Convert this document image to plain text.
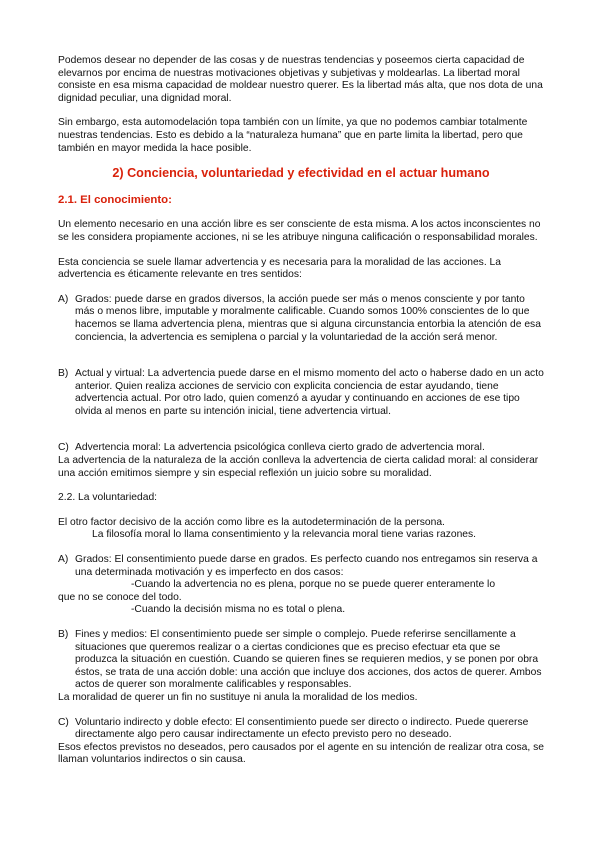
Podemos desear no depender de las cosas y de nuestras tendencias y poseemos cierta capacidad de elevarnos por encima de nuestras motivaciones objetivas y subjetivas y moldearlas. La libertad moral consiste en esa misma capacidad de moldear nuestro querer. Es la libertad más alta, que nos dota de una dignidad peculiar, una dignidad moral.

Sin embargo, esta automodelación topa también con un límite, ya que no podemos cambiar totalmente nuestras tendencias. Esto es debido a la “naturaleza humana” que en parte limita la libertad, pero que también en mayor medida la hace posible.

2) Conciencia, voluntariedad y efectividad en el actuar humano

2.1. El conocimiento:

Un elemento necesario en una acción libre es ser consciente de esta misma. A los actos inconscientes no se les considera propiamente acciones, ni se les atribuye ninguna calificación o responsabilidad morales.

Esta conciencia se suele llamar advertencia y es necesaria para la moralidad de las acciones. La advertencia es éticamente relevante en tres sentidos:

A) Grados: puede darse en grados diversos, la acción puede ser más o menos consciente y por tanto más o menos libre, imputable y moralmente calificable. Cuando somos 100% conscientes de lo que hacemos se llama advertencia plena, mientras que si alguna circunstancia entorbia la atención de esa conciencia, la advertencia es semiplena o parcial y la voluntariedad de la acción será menor.
B) Actual y virtual: La advertencia puede darse en el mismo momento del acto o haberse dado en un acto anterior. Quien realiza acciones de servicio con explicita conciencia de estar ayudando, tiene advertencia actual. Por otro lado, quien comenzó a ayudar y continuando en acciones de ese tipo olvida al menos en parte su intención inicial, tiene advertencia virtual.
C) Advertencia moral: La advertencia psicológica conlleva cierto grado de advertencia moral.

La advertencia de la naturaleza de la acción conlleva la advertencia de cierta calidad moral: al considerar una acción emitimos siempre y sin especial reflexión un juicio sobre su moralidad.

2.2. La voluntariedad:

El otro factor decisivo de la acción como libre es la autodeterminación de la persona.

La filosofía moral lo llama consentimiento y la relevancia moral tiene varias razones.

A) Grados: El consentimiento puede darse en grados. Es perfecto cuando nos entregamos sin reserva a una determinada motivación y es imperfecto en dos casos:

-Cuando la advertencia no es plena, porque no se puede querer enteramente lo

que no se conoce del todo.

-Cuando la decisión misma no es total o plena.

B) Fines y medios: El consentimiento puede ser simple o complejo. Puede referirse sencillamente a situaciones que queremos realizar o a ciertas condiciones que es preciso efectuar eta que se produzca la situación en cuestión. Cuando se quieren fines se requieren medios, y se ponen por obra éstos, se trata de una acción doble: una acción que incluye dos acciones, dos actos de querer. Ambos actos de querer son moralmente calificables y responsables.

La moralidad de querer un fin no sustituye ni anula la moralidad de los medios.

C) Voluntario indirecto y doble efecto: El consentimiento puede ser directo o indirecto. Puede quererse directamente algo pero causar indirectamente un efecto previsto pero no deseado.

Esos efectos previstos no deseados, pero causados por el agente en su intención de realizar otra cosa, se llaman voluntarios indirectos o sin causa.
